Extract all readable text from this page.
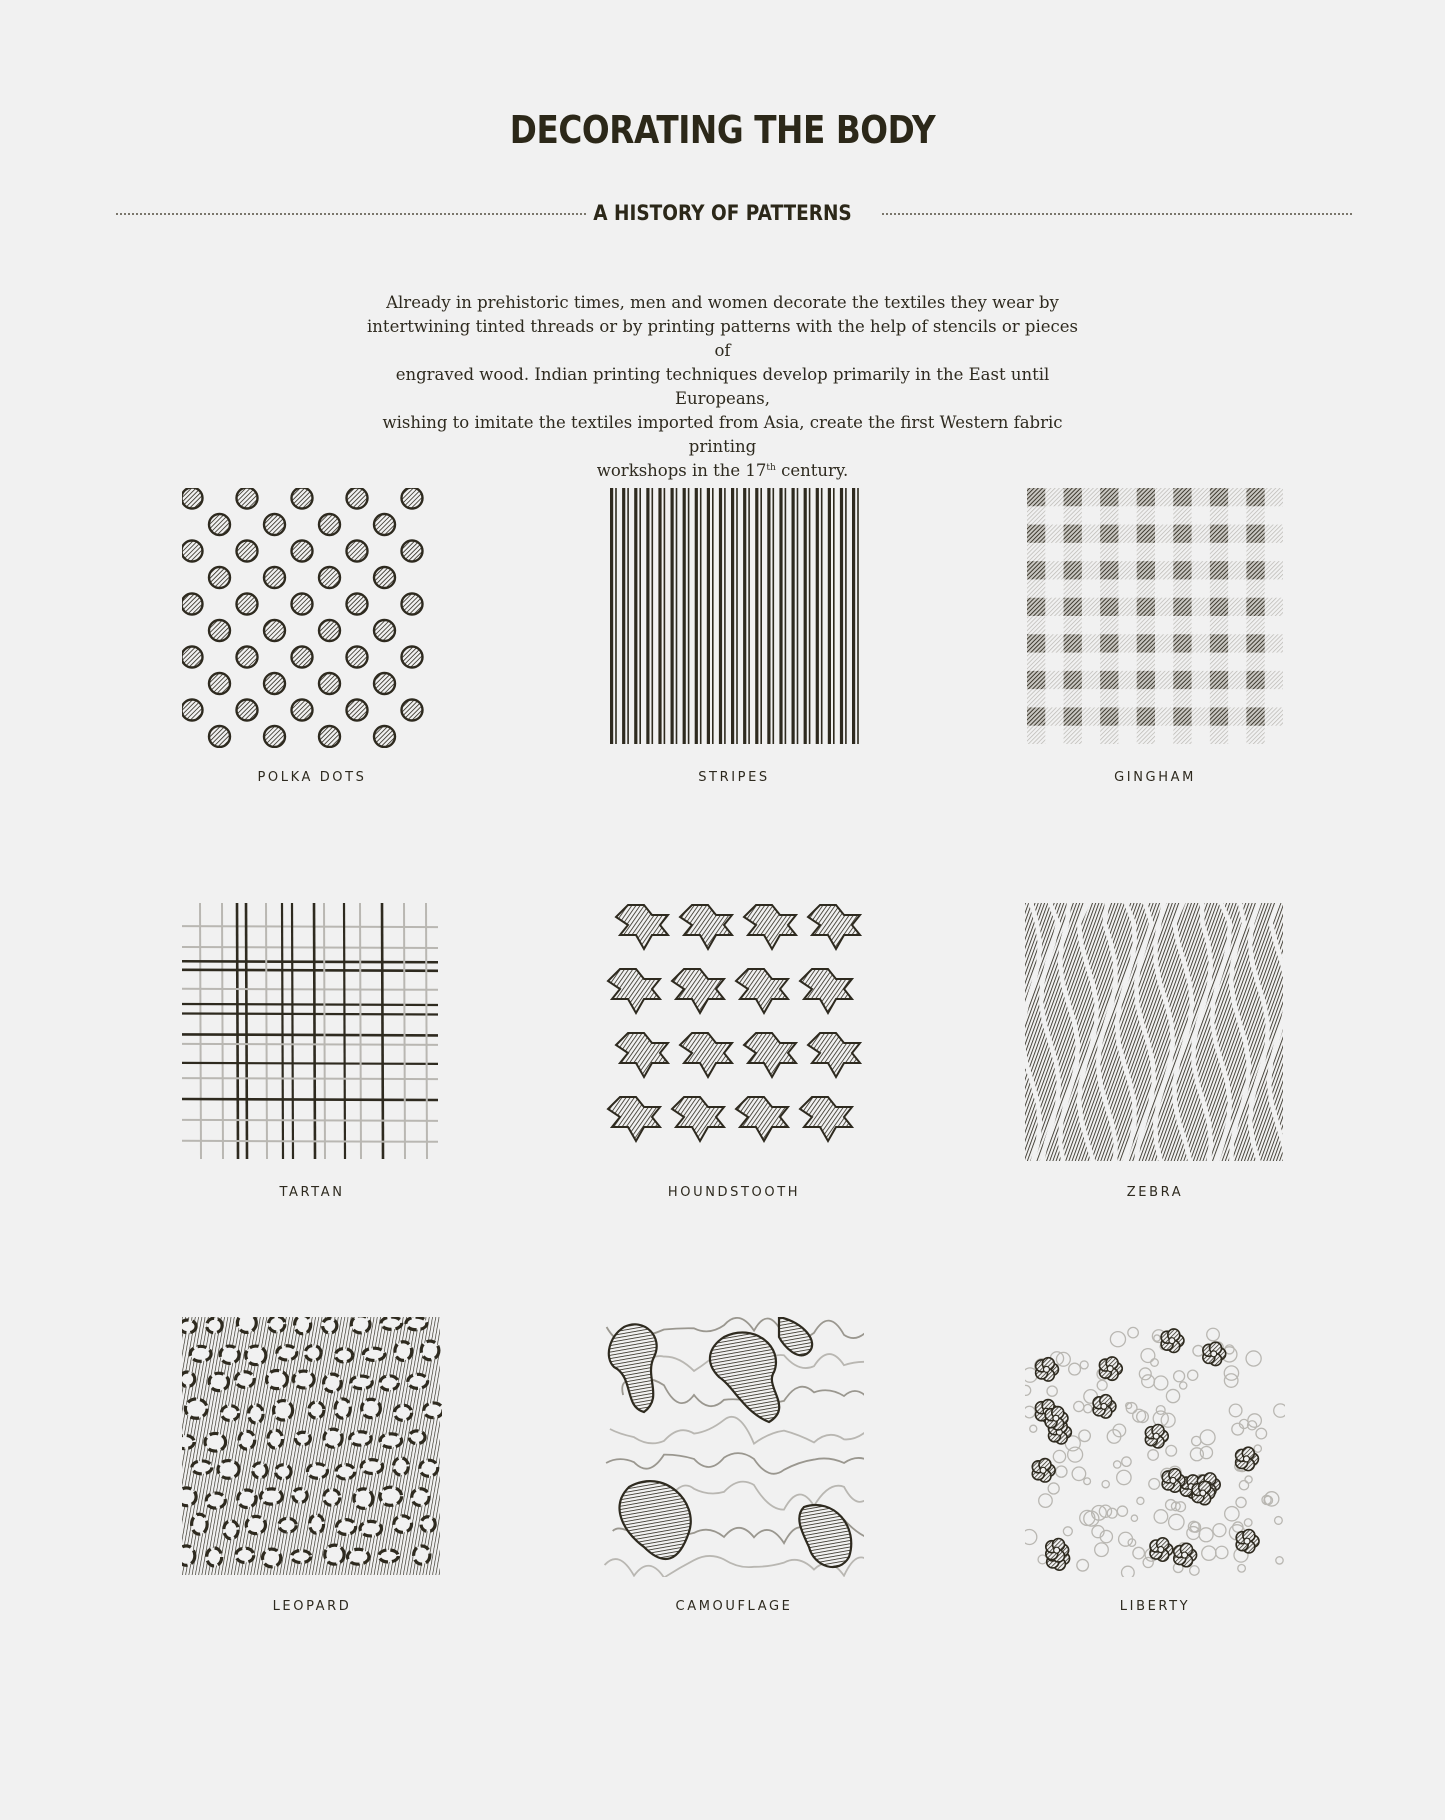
DECORATING THE BODY
A HISTORY OF PATTERNS
Already in prehistoric times, men and women decorate the textiles they wear by
intertwining tinted threads or by printing patterns with the help of stencils or pieces of
engraved wood. Indian printing techniques develop primarily in the East until Europeans,
wishing to imitate the textiles imported from Asia, create the first Western fabric printing
workshops in the 17th century.
POLKA DOTS	STRIPES	GINGHAM
TARTAN	HOUNDSTOOTH	ZEBRA
LEOPARD	CAMOUFLAGE	LIBERTY
